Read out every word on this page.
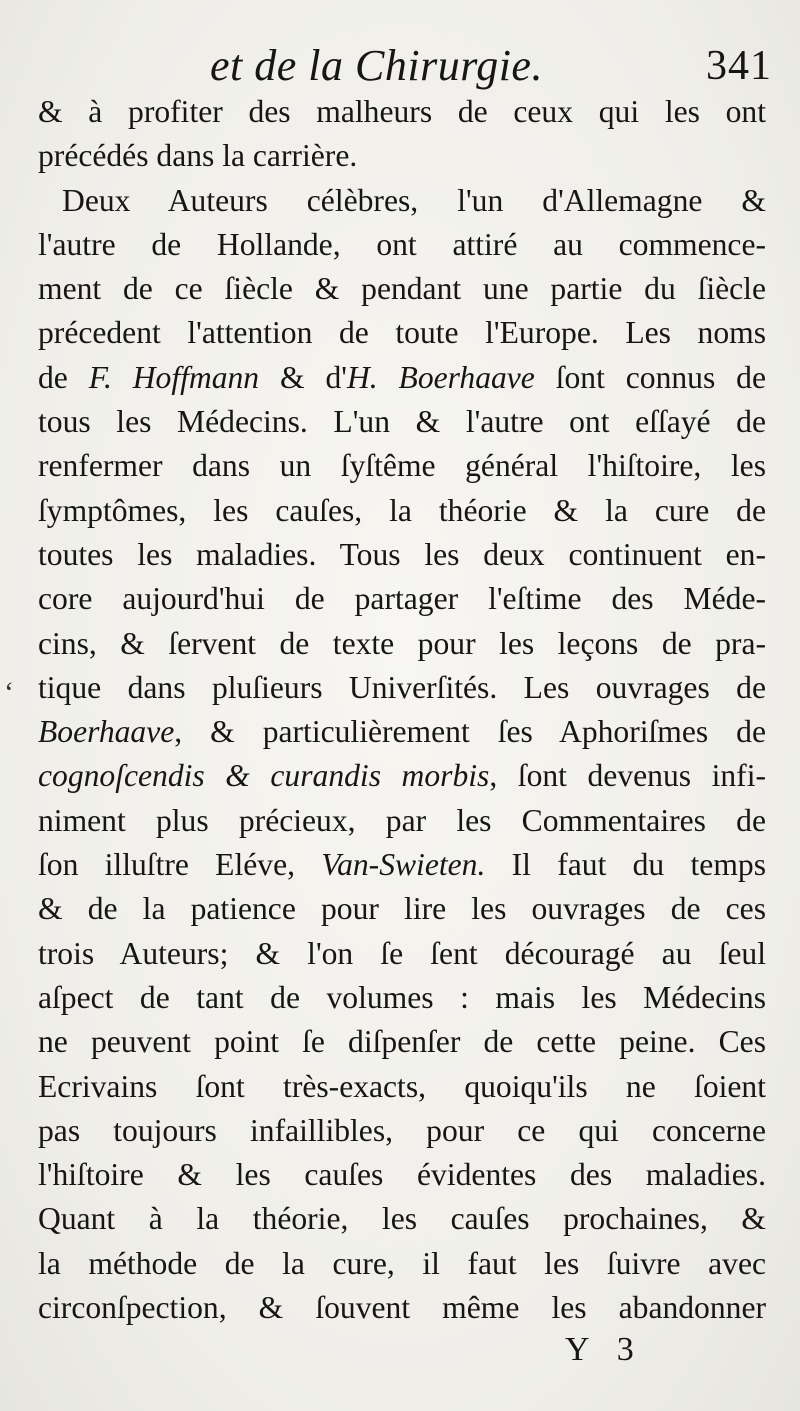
et de la Chirurgie.	341
‘
& à profiter des malheurs de ceux qui les ont
précédés dans la carrière.
Deux Auteurs célèbres, l'un d'Allemagne &
l'autre de Hollande, ont attiré au commence-
ment de ce ſiècle & pendant une partie du ſiècle
précedent l'attention de toute l'Europe. Les noms
de F. Hoffmann & d'H. Boerhaave ſont connus de
tous les Médecins. L'un & l'autre ont eſſayé de
renfermer dans un ſyſtême général l'hiſtoire, les
ſymptômes, les cauſes, la théorie & la cure de
toutes les maladies. Tous les deux continuent en-
core aujourd'hui de partager l'eſtime des Méde-
cins, & ſervent de texte pour les leçons de pra-
tique dans pluſieurs Univerſités. Les ouvrages de
Boerhaave, & particulièrement ſes Aphoriſmes de
cognoſcendis & curandis morbis, ſont devenus infi-
niment plus précieux, par les Commentaires de
ſon illuſtre Eléve, Van-Swieten. Il faut du temps
& de la patience pour lire les ouvrages de ces
trois Auteurs; & l'on ſe ſent découragé au ſeul
aſpect de tant de volumes : mais les Médecins
ne peuvent point ſe diſpenſer de cette peine. Ces
Ecrivains ſont très-exacts, quoiqu'ils ne ſoient
pas toujours infaillibles, pour ce qui concerne
l'hiſtoire & les cauſes évidentes des maladies.
Quant à la théorie, les cauſes prochaines, &
la méthode de la cure, il faut les ſuivre avec
circonſpection, & ſouvent même les abandonner
Y 3
